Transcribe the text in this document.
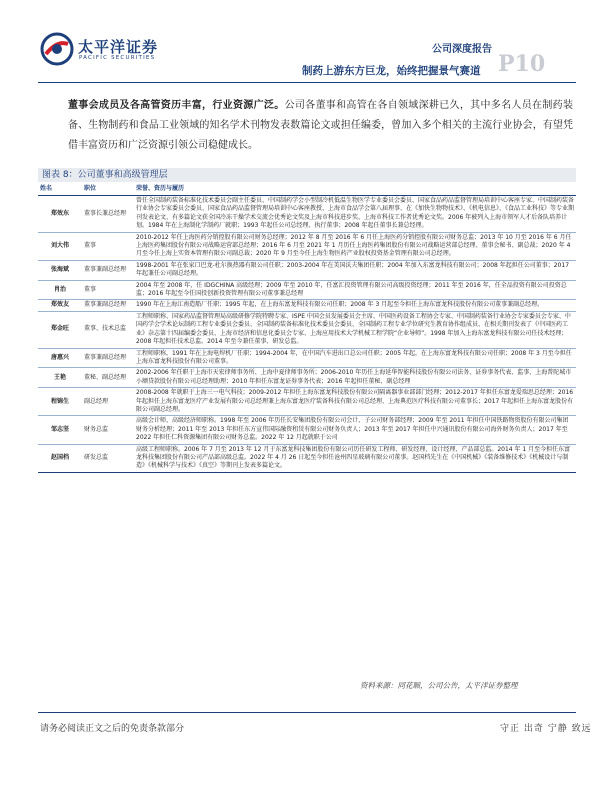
太平洋证券
PACIFIC SECURITIES
公司深度报告
P10
制药上游东方巨龙，始终把握景气赛道

董事会成员及各高管资历丰富，行业资源广泛。公司各董事和高管在各自领域深耕已久，其中多名人员在制药装备、生物制药和食品工业领域的知名学术刊物发表数篇论文或担任编委，曾加入多个相关的主流行业协会，有望凭借丰富资历和广泛资源引领公司稳健成长。

图表 8：公司董事和高级管理层
姓名	职位	荣誉、资历与履历
郑效东	董事长兼总经理	曾任全国制药装备标准化技术委员会副主任委员、中国制药学会小型制冷机低温生物医学专业委员会委员、国家食品药品监督管理局培训中心客座专家、中国制药装备行业协会专家委员会委员、国家食品药品监督管理局培训中心客座教授、上海市食品学会第八届理事、在《加快生物物技术》、《机电信息》、《食品工业科技》等专业期刊发表论文、有多篇论文获全国冷冻干燥学术交流会优秀论文奖及上海市科技进步奖、上海市科技工作者优秀论文奖。2006 年被列入上海市领军人才后备队培养计划。1984 年在上海制化学制药厂就职；1993 年起任公司总经理、执行董事；2008 年起任董事长兼总经理。
刘大伟	董事	2010-2012 年任上海医药分销控股有限公司财务总经理；2012 年 8 月至 2016 年 6 月任上海医药分销控股有限公司财务总监；2013 年 10 月至 2016 年 6 月任上海医药集团股份有限公司战略运营部总经理；2016 年 6 月至 2021 年 1 月历任上海医药集团股份有限公司战略运营部总经理、董事会秘书、副总裁；2020 年 4 月至今任上海上实资本管理有限公司副总裁；2020 年 9 月至今任上海生物医药产业股权投资基金管理有限公司总经理。
张海斌	董事兼副总经理	1998-2001 年在张家口巴龙-杜尔换热器有限公司任职；2003-2004 年在美国沃夫集团任职；2004 年加入东富龙科技有限公司；2008 年起担任公司董事；2017 年起兼任公司副总经理。
肖治	董事	2004 年至 2008 年，任 IDGCHINA 高级经理；2009 年至 2010 年，任富汇投资管理有限公司高级投资经理；2011 年至 2016 年，任全品投资有限公司投资总监；2016 年起至今任国投创新投资管理有限公司董事兼总经理
郑效友	董事兼副总经理	1990 年在上海江南造船厂任职；1995 年起，在上海东富龙科技有限公司任职；2008 年 3 月起至今担任上海东富龙科技股份有限公司董事兼副总经理。
郑金旺	董事、技术总监	工程师职称、国家药品监督管理局高级研修学院特聘专家、ISPE 中国会员发展委员会主席、中国医药设备工程协会专家、中国制药装备行业协会专家委员会专家、中国药学会学术论坛制药工程专业委员会委员、全国制药装备标准化技术委员会委员、全国制药工程专业学位研究生教育协作组成员、在相关期刊发表了《中国医药工业》杂志第十四届编委会委员、上海市经济和信息化委员会专家、上海应用技术大学机械工程学院“企业导师”。1998 年加入上海东富龙科技有限公司任技术经理；2008 年起担任技术总监。2014 年至今兼任董事、研发总监。
唐惠兴	董事兼副总经理	工程师职称，1991 年在上海电焊机厂任职；1994-2004 年，在中国汽车进出口总公司任职；2005 年起，在上海东富龙科技有限公司任职；2008 年 3 月至今担任上海东富龙科技股份有限公司董事。
王艳	董秘、副总经理	2002-2006 年任职于上海市天宏律师事务所、上海中夏律师事务所；2006-2010 年历任上海延华智能科技股份有限公司法务、证券事务代表、监事、上海普陀城市小额贷款股份有限公司总经理助理；2010 年担任东富龙证券事务代表；2016 年起担任董秘、副总经理
程锦生	副总经理	2008-2008 年就职于上海三一电气科技；2009-2012 年担任上海东富龙科技股份有限公司隔离器事业部部门经理；2012-2017 年担任东富龙爱瑞思总经理；2016 年起担任上海东富龙医疗产业发展有限公司总经理兼上海东富龙医疗装备科技有限公司总经理、上海典范医疗科技有限公司董事长；2017 年起担任上海东富龙股份有限公司副总经理。
邹志坚	财务总监	高级会计师、高级经济师职称。1998 年至 2006 年历任长安集团股份有限公司会计、子公司财务部经理；2009 年至 2011 年担任中国铁路物资股份有限公司集团财务分析经理；2011 年至 2013 年担任东方宣伟国际融资租赁有限公司财务负责人；2013 年至 2017 年担任中兴通讯股份有限公司海外财务负责人；2017 年至 2022 年担任仁科资源集团有限公司财务总监。2022 年 12 月起就职于公司
赵国档	研发总监	高级工程师职称。2006 年 7 月至 2013 年 12 月于东富龙科技集团股份有限公司历任研发工程师、研发经理、设计经理、产品部总监。2014 年 1 月至今担任东富龙科技集团股份有限公司产品部高级总监。2022 年 4 月 26 日起至今担任沧州四星玻璃有限公司董事。赵国档先生在《中国机械》《装备维修技术》《机械设计与制造》《机械科学与技术》《真空》等期刊上发表多篇论文。
资料来源：同花顺，公司公告，太平洋证券整理
请务必阅读正文之后的免责条款部分	守正 出奇 宁静 致远
